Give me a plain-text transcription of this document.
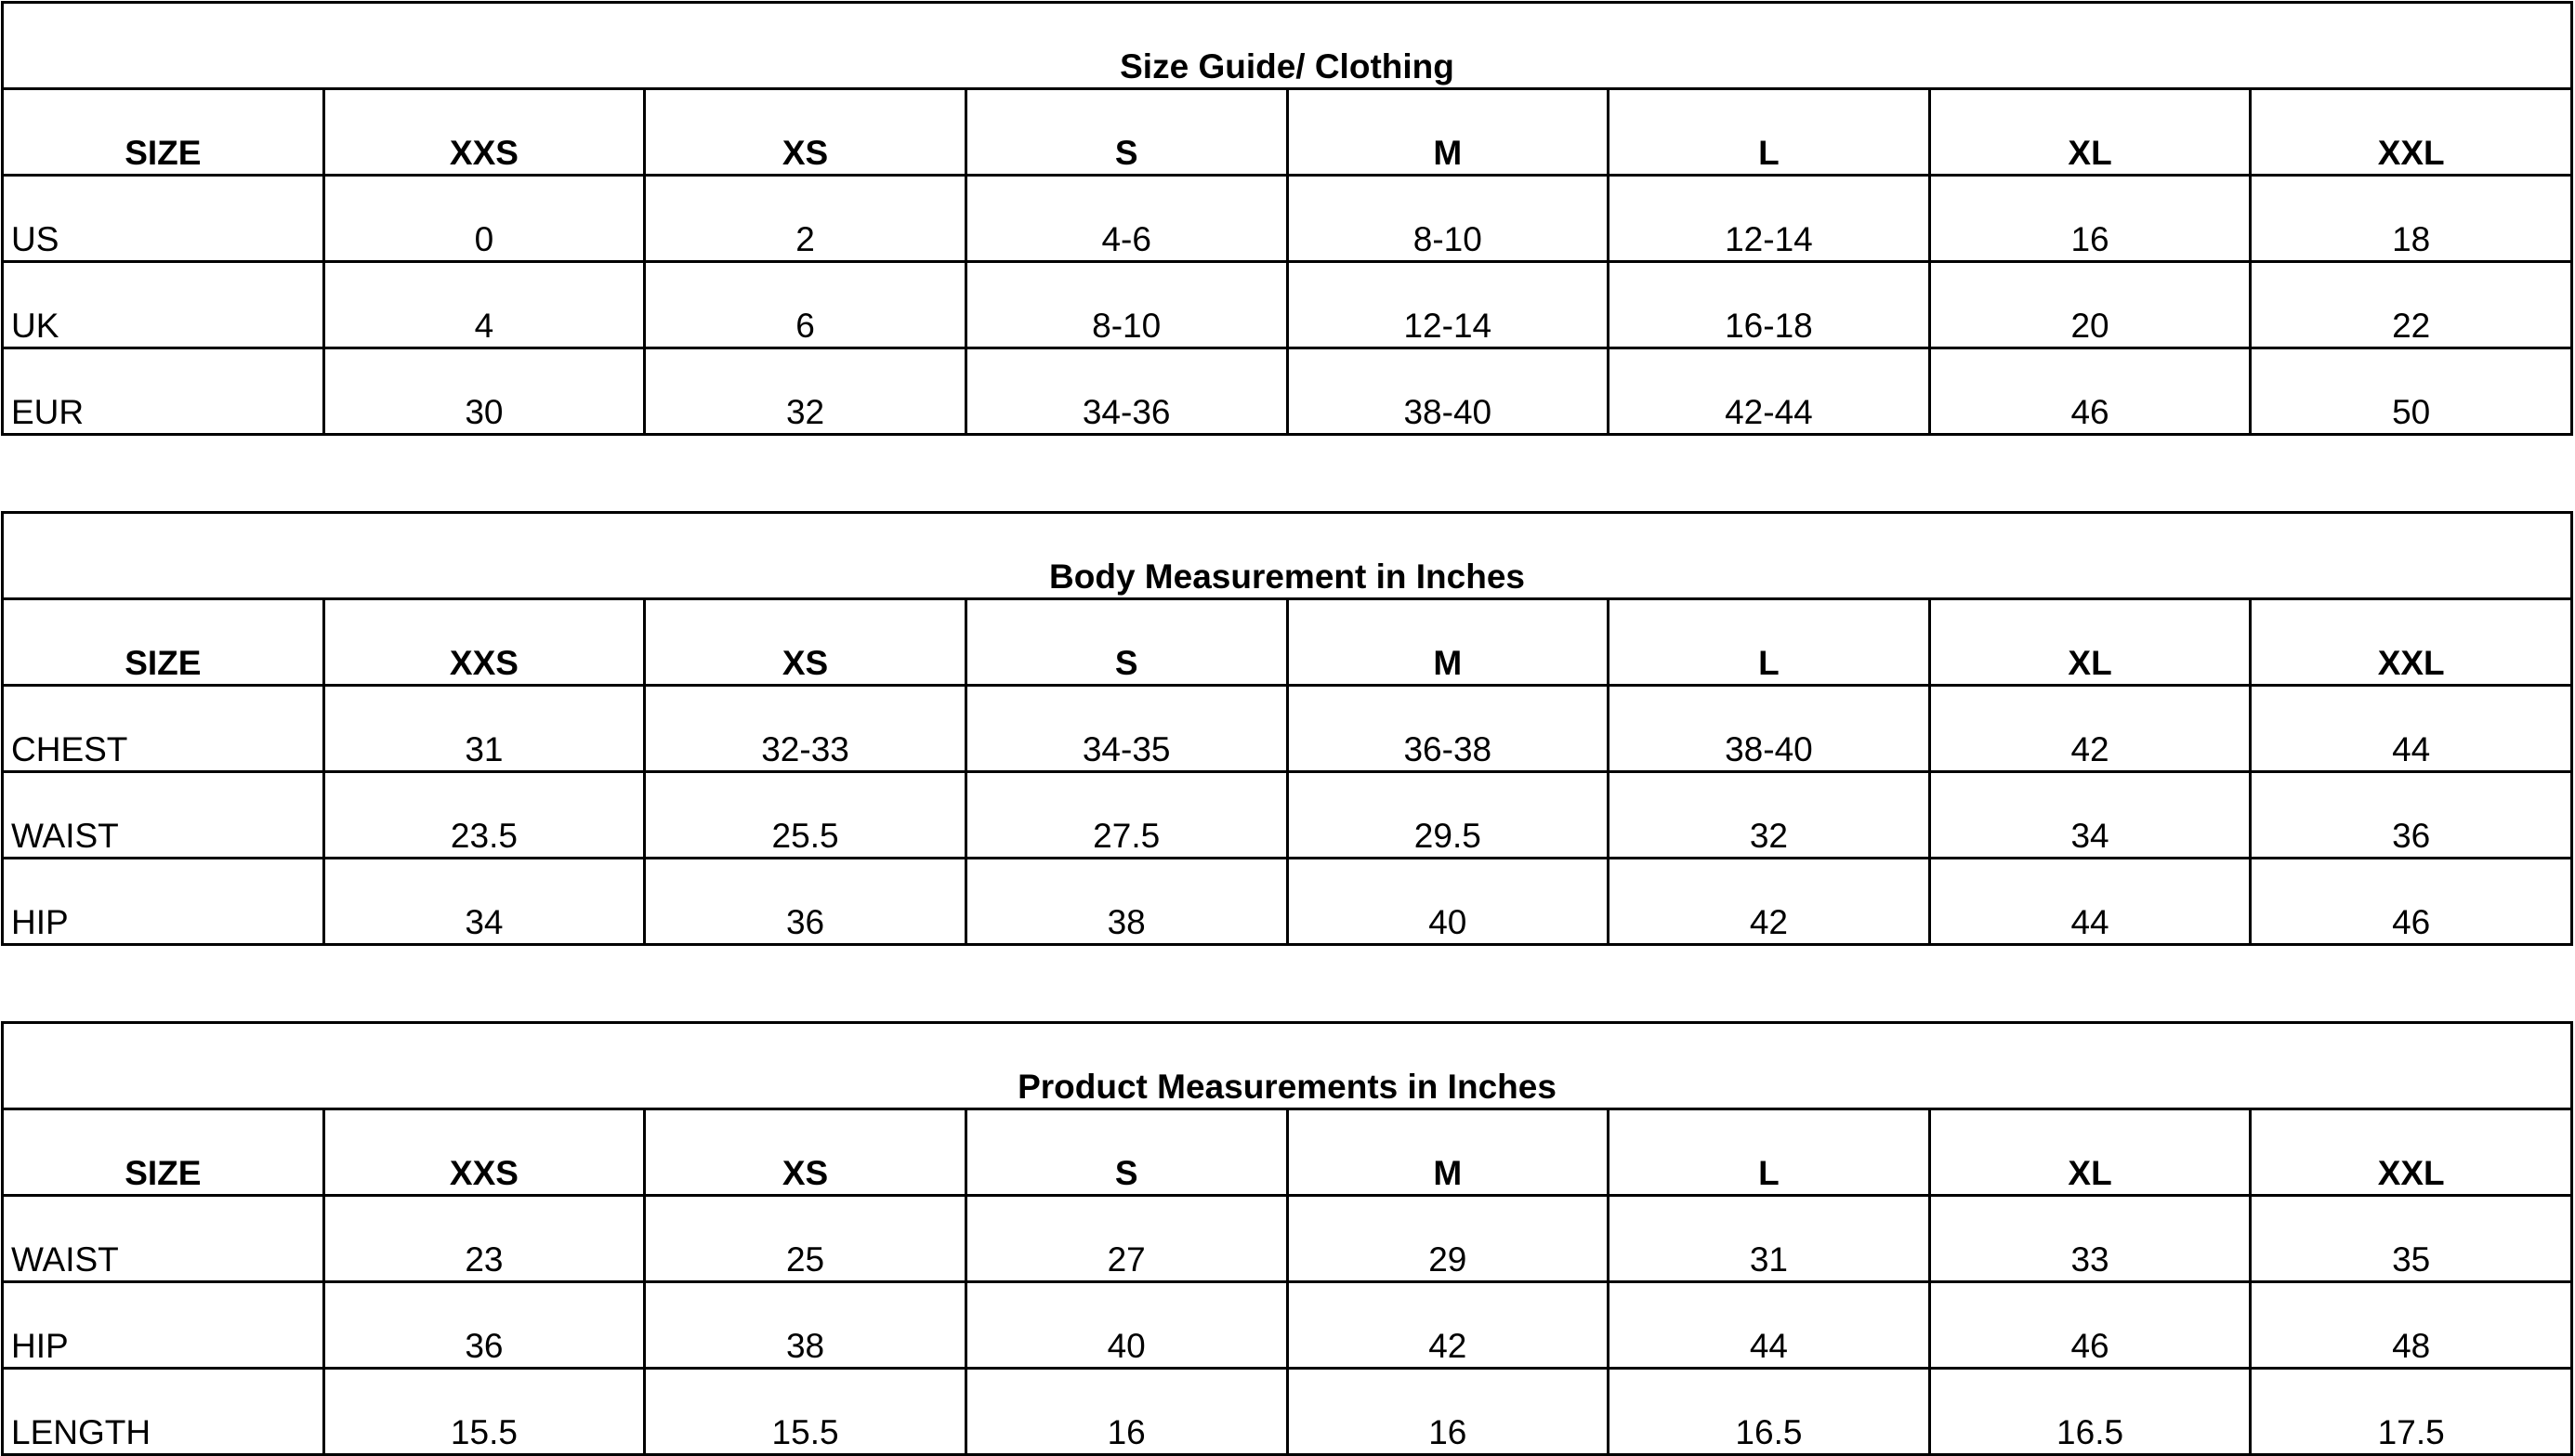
Size Guide/ Clothing							
SIZE	XXS	XS	S	M	L	XL	XXL
US	0	2	4-6	8-10	12-14	16	18
UK	4	6	8-10	12-14	16-18	20	22
EUR	30	32	34-36	38-40	42-44	46	50
Body Measurement in Inches							
SIZE	XXS	XS	S	M	L	XL	XXL
CHEST	31	32-33	34-35	36-38	38-40	42	44
WAIST	23.5	25.5	27.5	29.5	32	34	36
HIP	34	36	38	40	42	44	46
Product Measurements in Inches							
SIZE	XXS	XS	S	M	L	XL	XXL
WAIST	23	25	27	29	31	33	35
HIP	36	38	40	42	44	46	48
LENGTH	15.5	15.5	16	16	16.5	16.5	17.5
